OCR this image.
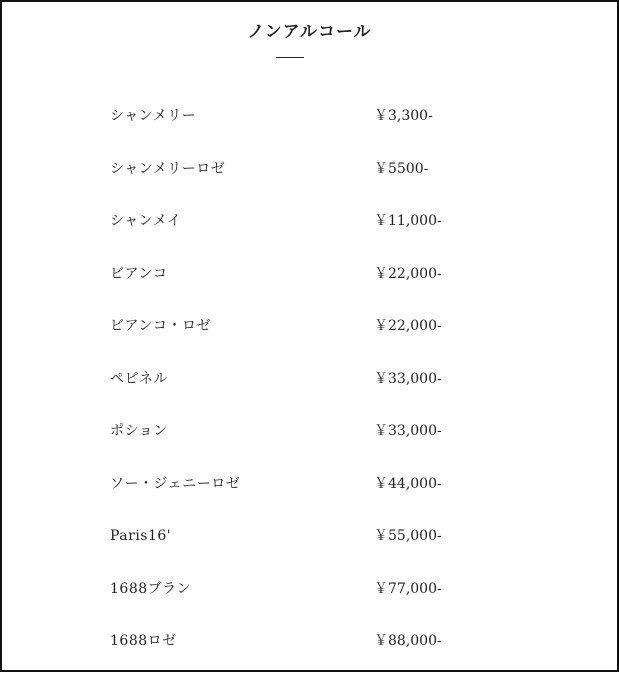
ノンアルコール
シャンメリー	￥3,300-
シャンメリーロゼ	￥5500-
シャンメイ	￥11,000-
ビアンコ	￥22,000-
ビアンコ・ロゼ	￥22,000-
ペピネル	￥33,000-
ポション	￥33,000-
ソー・ジェニーロゼ	￥44,000-
Paris16'	￥55,000-
1688ブラン	￥77,000-
1688ロゼ	￥88,000-
